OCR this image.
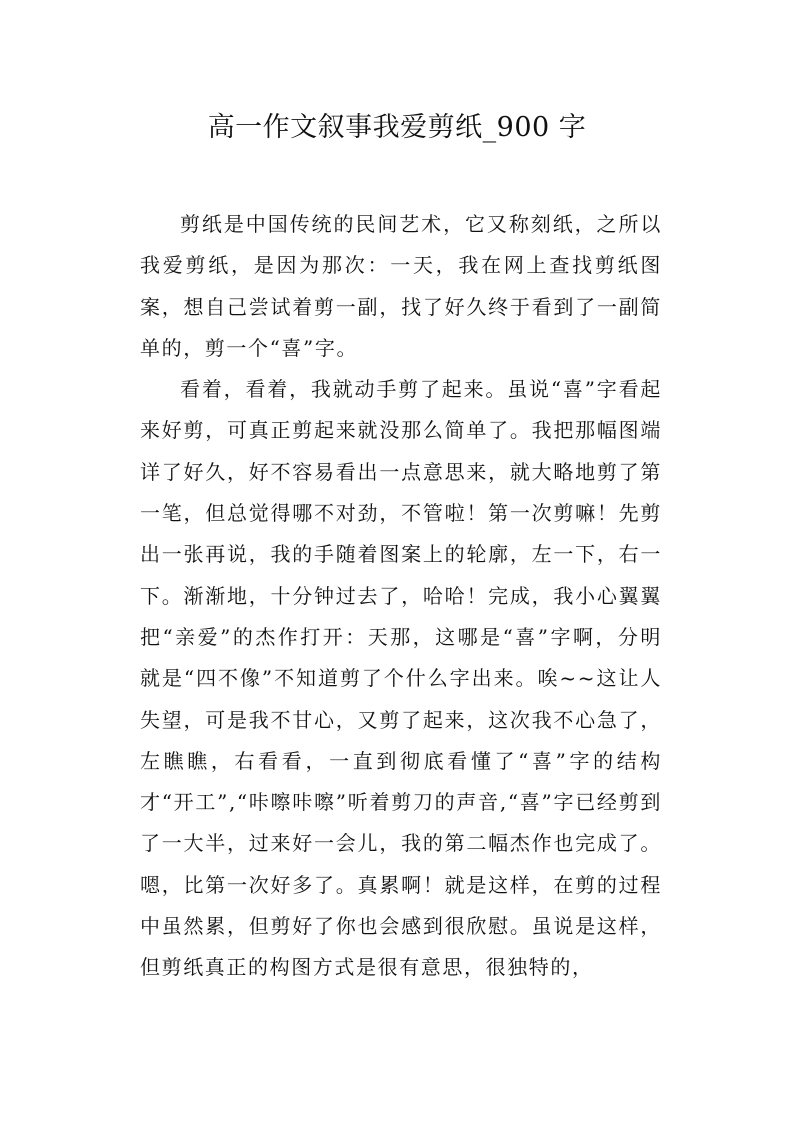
高一作文叙事我爱剪纸_900 字

剪纸是中国传统的民间艺术，它又称刻纸，之所以我爱剪纸，是因为那次：一天，我在网上查找剪纸图案，想自己尝试着剪一副，找了好久终于看到了一副简单的，剪一个“喜”字。

看着，看着，我就动手剪了起来。虽说“喜”字看起来好剪，可真正剪起来就没那么简单了。我把那幅图端详了好久，好不容易看出一点意思来，就大略地剪了第一笔，但总觉得哪不对劲，不管啦！第一次剪嘛！先剪出一张再说，我的手随着图案上的轮廓，左一下，右一下。渐渐地，十分钟过去了，哈哈！完成，我小心翼翼把“亲爱”的杰作打开：天那，这哪是“喜”字啊，分明就是“四不像”不知道剪了个什么字出来。唉~~这让人失望，可是我不甘心，又剪了起来，这次我不心急了，左瞧瞧，右看看，一直到彻底看懂了“喜”字的结构才“开工”,“咔嚓咔嚓”听着剪刀的声音,“喜”字已经剪到了一大半，过来好一会儿，我的第二幅杰作也完成了。嗯，比第一次好多了。真累啊！就是这样，在剪的过程中虽然累，但剪好了你也会感到很欣慰。虽说是这样，但剪纸真正的构图方式是很有意思，很独特的，
